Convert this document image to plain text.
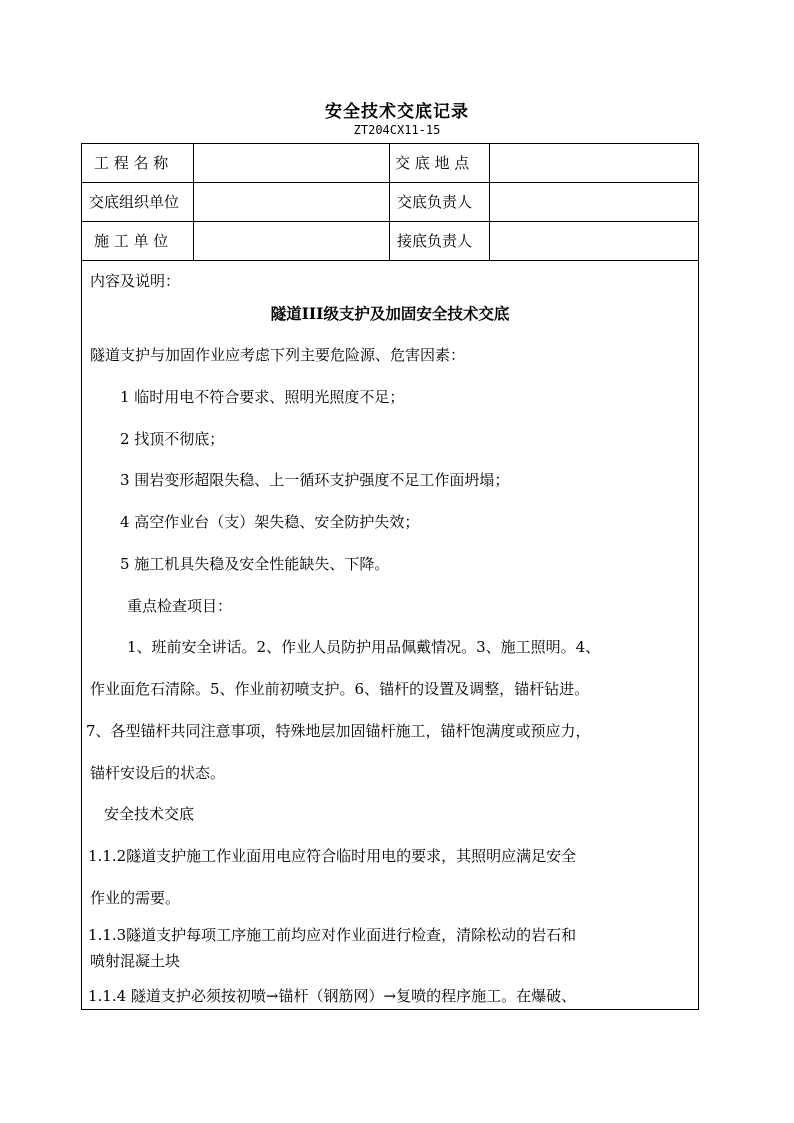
安全技术交底记录
ZT204CX11-15
工 程 名 称	交 底 地 点
交底组织单位	交底负责人
施 工 单 位	接底负责人
内容及说明：
隧道III级支护及加固安全技术交底
隧道支护与加固作业应考虑下列主要危险源、危害因素：
1 临时用电不符合要求、照明光照度不足；
2 找顶不彻底；
3 围岩变形超限失稳、上一循环支护强度不足工作面坍塌；
4 高空作业台（支）架失稳、安全防护失效；
5 施工机具失稳及安全性能缺失、下降。
重点检查项目：
1、班前安全讲话。2、作业人员防护用品佩戴情况。3、施工照明。4、
作业面危石清除。5、作业前初喷支护。6、锚杆的设置及调整，锚杆钻进。
7、各型锚杆共同注意事项，特殊地层加固锚杆施工，锚杆饱满度或预应力，
锚杆安设后的状态。
安全技术交底
1.1.2隧道支护施工作业面用电应符合临时用电的要求，其照明应满足安全
作业的需要。
1.1.3隧道支护每项工序施工前均应对作业面进行检查，清除松动的岩石和
喷射混凝土块
1.1.4 隧道支护必须按初喷→锚杆（钢筋网）→复喷的程序施工。在爆破、
